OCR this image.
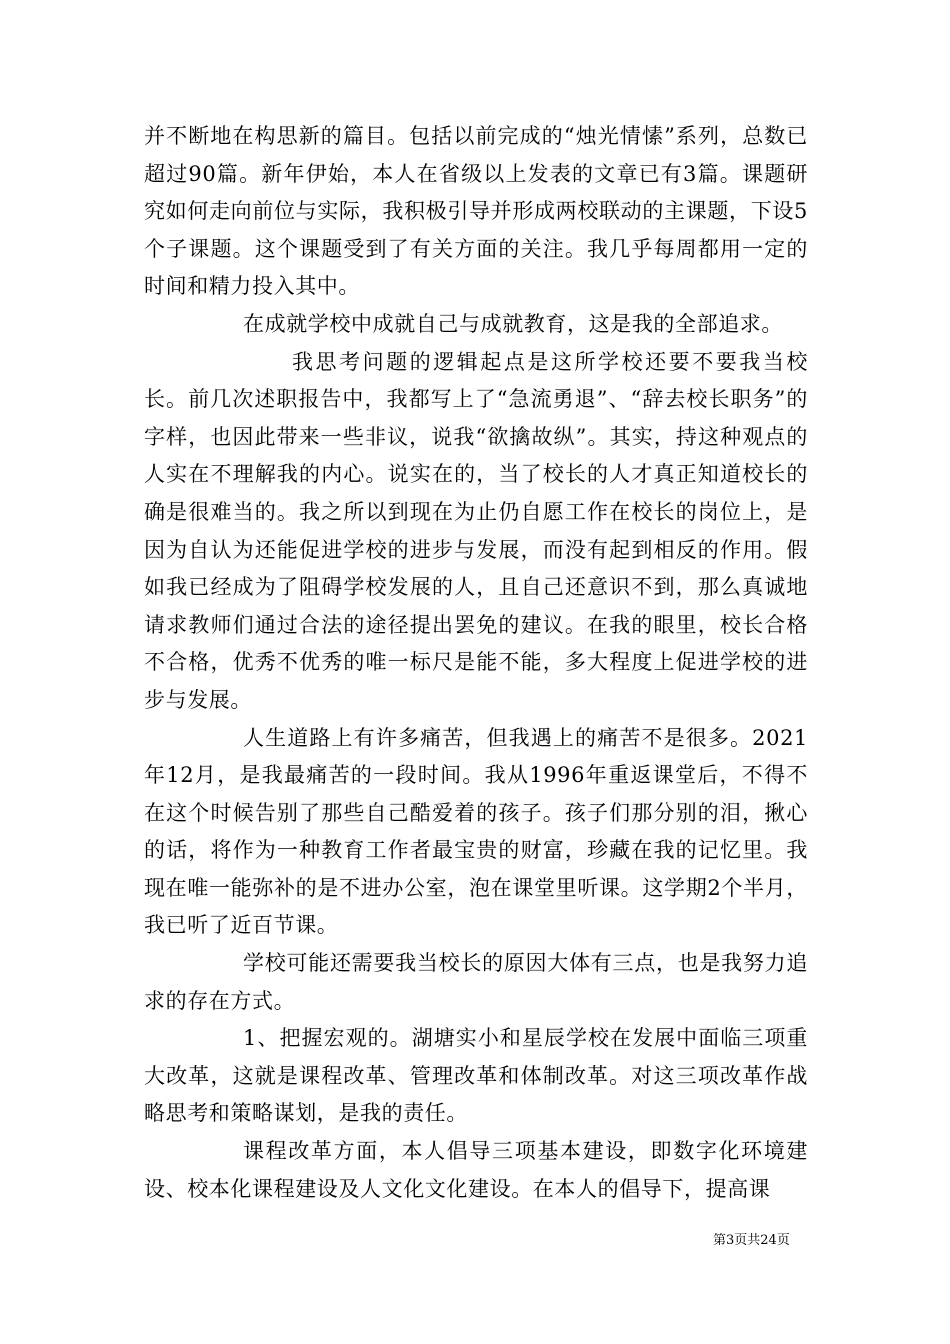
并不断地在构思新的篇目。包括以前完成的“烛光情愫”系列，总数已超过90篇。新年伊始，本人在省级以上发表的文章已有3篇。课题研究如何走向前位与实际，我积极引导并形成两校联动的主课题，下设5个子课题。这个课题受到了有关方面的关注。我几乎每周都用一定的时间和精力投入其中。

在成就学校中成就自己与成就教育，这是我的全部追求。

我思考问题的逻辑起点是这所学校还要不要我当校长。前几次述职报告中，我都写上了“急流勇退”、“辞去校长职务”的字样，也因此带来一些非议，说我“欲擒故纵”。其实，持这种观点的人实在不理解我的内心。说实在的，当了校长的人才真正知道校长的确是很难当的。我之所以到现在为止仍自愿工作在校长的岗位上，是因为自认为还能促进学校的进步与发展，而没有起到相反的作用。假如我已经成为了阻碍学校发展的人，且自己还意识不到，那么真诚地请求教师们通过合法的途径提出罢免的建议。在我的眼里，校长合格不合格，优秀不优秀的唯一标尺是能不能，多大程度上促进学校的进步与发展。

人生道路上有许多痛苦，但我遇上的痛苦不是很多。2021年12月，是我最痛苦的一段时间。我从1996年重返课堂后，不得不在这个时候告别了那些自己酷爱着的孩子。孩子们那分别的泪，揪心的话，将作为一种教育工作者最宝贵的财富，珍藏在我的记忆里。我现在唯一能弥补的是不进办公室，泡在课堂里听课。这学期2个半月，我已听了近百节课。

学校可能还需要我当校长的原因大体有三点，也是我努力追求的存在方式。

1、把握宏观的。湖塘实小和星辰学校在发展中面临三项重大改革，这就是课程改革、管理改革和体制改革。对这三项改革作战略思考和策略谋划，是我的责任。

课程改革方面，本人倡导三项基本建设，即数字化环境建设、校本化课程建设及人文化文化建设。在本人的倡导下，提高课

第3页共24页
